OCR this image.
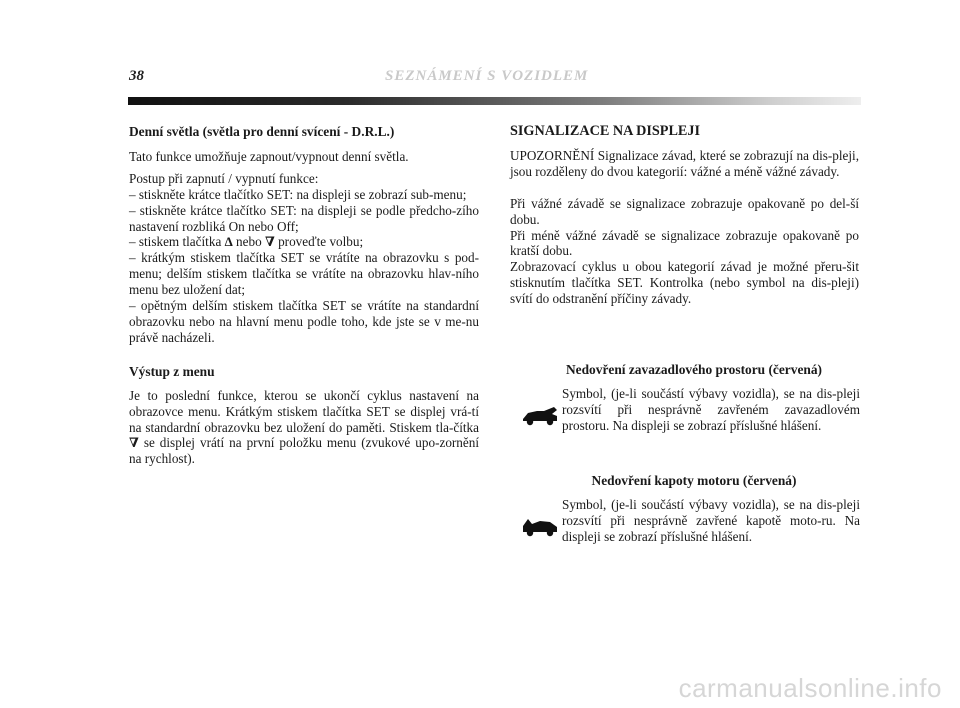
38	SEZNÁMENÍ S VOZIDLEM

Denní světla (světla pro denní svícení - D.R.L.)

Tato funkce umožňuje zapnout/vypnout denní světla.

Postup při zapnutí / vypnutí funkce:

– stiskněte krátce tlačítko SET: na displeji se zobrazí sub-menu;

– stiskněte krátce tlačítko SET: na displeji se podle předcho-zího nastavení rozbliká On nebo Off;

– stiskem tlačítka Δ nebo ∇ proveďte volbu;

– krátkým stiskem tlačítka SET se vrátíte na obrazovku s pod-menu; delším stiskem tlačítka se vrátíte na obrazovku hlav-ního menu bez uložení dat;

– opětným delším stiskem tlačítka SET se vrátíte na standardní obrazovku nebo na hlavní menu podle toho, kde jste se v me-nu právě nacházeli.

Výstup z menu

Je to poslední funkce, kterou se ukončí cyklus nastavení na obrazovce menu. Krátkým stiskem tlačítka SET se displej vrá-tí na standardní obrazovku bez uložení do paměti. Stiskem tla-čítka ∇ se displej vrátí na první položku menu (zvukové upo-zornění na rychlost).

SIGNALIZACE NA DISPLEJI

UPOZORNĚNÍ Signalizace závad, které se zobrazují na dis-pleji, jsou rozděleny do dvou kategorií: vážné a méně vážné závady.

Při vážné závadě se signalizace zobrazuje opakovaně po del-ší dobu.

Při méně vážné závadě se signalizace zobrazuje opakovaně po kratší dobu.

Zobrazovací cyklus u obou kategorií závad je možné přeru-šit stisknutím tlačítka SET. Kontrolka (nebo symbol na dis-pleji) svítí do odstranění příčiny závady.

Nedovření zavazadlového prostoru (červená)
Symbol, (je-li součástí výbavy vozidla), se na dis-pleji rozsvítí při nesprávně zavřeném zavazadlovém prostoru. Na displeji se zobrazí příslušné hlášení.
Nedovření kapoty motoru (červená)
Symbol, (je-li součástí výbavy vozidla), se na dis-pleji rozsvítí při nesprávně zavřené kapotě moto-ru. Na displeji se zobrazí příslušné hlášení.
carmanualsonline.info
